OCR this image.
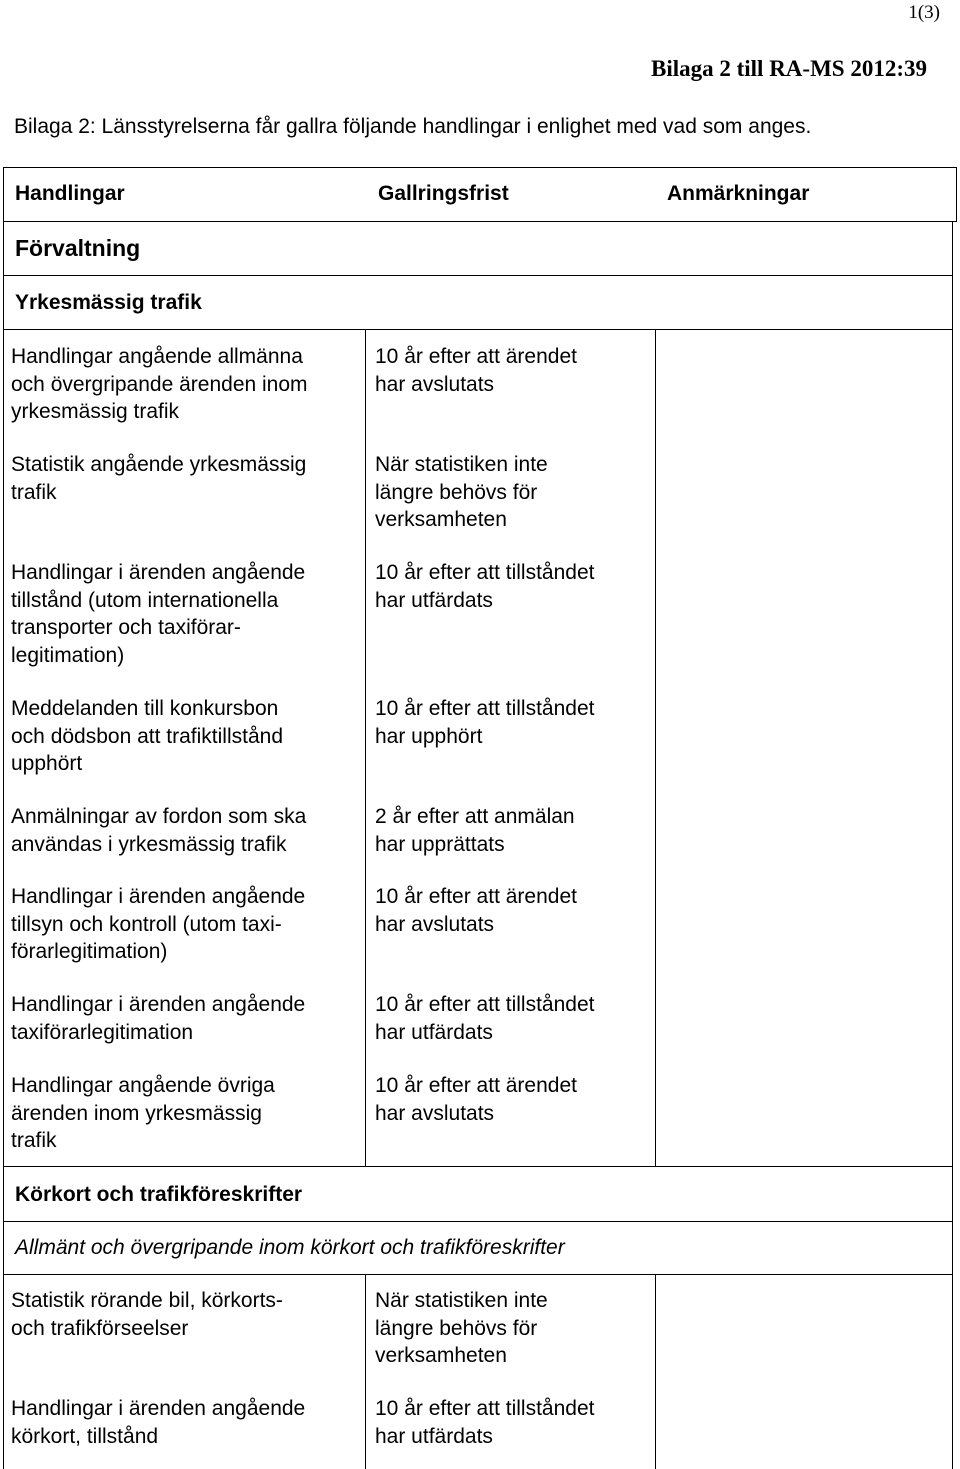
1(3)
Bilaga 2 till RA-MS 2012:39
Bilaga 2: Länsstyrelserna får gallra följande handlingar i enlighet med vad som anges.
Handlingar	Gallringsfrist	Anmärkningar
Förvaltning
Yrkesmässig trafik
Körkort och trafikföreskrifter
Allmänt och övergripande inom körkort och trafikföreskrifter
Handlingar angående allmänna
och övergripande ärenden inom
yrkesmässig trafik
10 år efter att ärendet
har avslutats
Statistik angående yrkesmässig
trafik
När statistiken inte
längre behövs för
verksamheten
Handlingar i ärenden angående
tillstånd (utom internationella
transporter och taxiförar-
legitimation)
10 år efter att tillståndet
har utfärdats
Meddelanden till konkursbon
och dödsbon att trafiktillstånd
upphört
10 år efter att tillståndet
har upphört
Anmälningar av fordon som ska
användas i yrkesmässig trafik
2 år efter att anmälan
har upprättats
Handlingar i ärenden angående
tillsyn och kontroll (utom taxi-
förarlegitimation)
10 år efter att ärendet
har avslutats
Handlingar i ärenden angående
taxiförarlegitimation
10 år efter att tillståndet
har utfärdats
Handlingar angående övriga
ärenden inom yrkesmässig
trafik
10 år efter att ärendet
har avslutats
Statistik rörande bil, körkorts-
och trafikförseelser
När statistiken inte
längre behövs för
verksamheten
Handlingar i ärenden angående
körkort, tillstånd
10 år efter att tillståndet
har utfärdats
